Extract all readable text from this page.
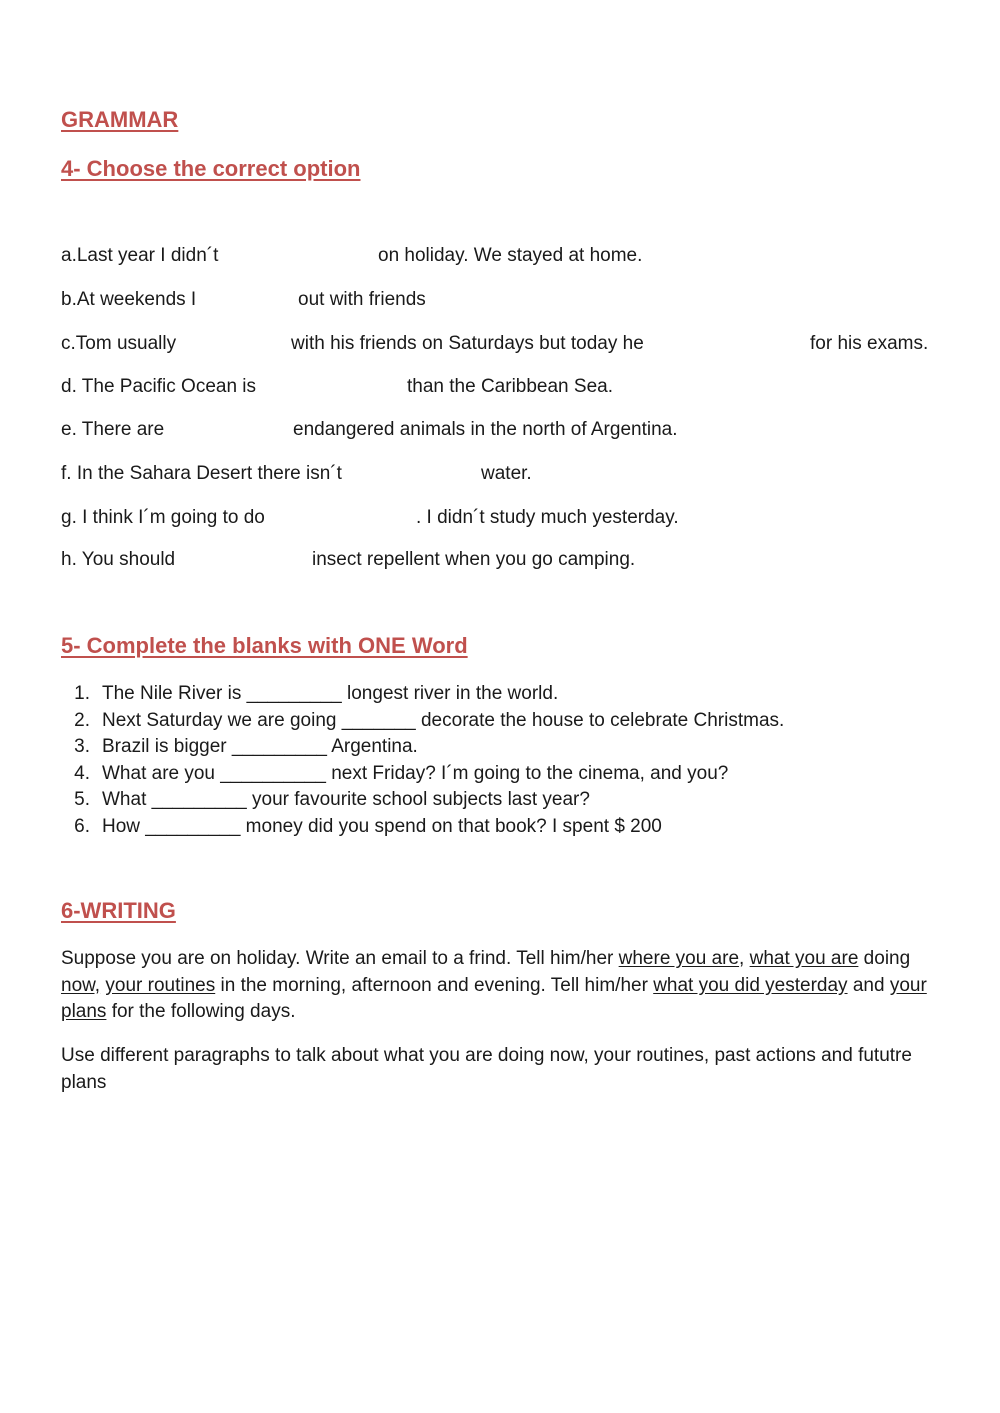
GRAMMAR
4- Choose the correct option

a.Last year I didn´t	on holiday. We stayed at home.

b.At weekends I	out with friends

c.Tom usually	with his friends on Saturdays but today he	for his exams.

d. The Pacific Ocean is	than the Caribbean Sea.

e. There are	endangered animals in the north of Argentina.

f. In the Sahara Desert there isn´t	water.

g. I think I´m going to do	. I didn´t study much yesterday.

h. You should	insect repellent when you go camping.

5- Complete the blanks with ONE Word
1. The Nile River is _________ longest river in the world.
2. Next Saturday we are going _______ decorate the house to celebrate Christmas.
3. Brazil is bigger _________ Argentina.
4. What are you __________ next Friday? I´m going to the cinema, and you?
5. What _________ your favourite school subjects last year?
6. How _________ money did you spend on that book? I spent $ 200
6-WRITING

Suppose you are on holiday. Write an email to a frind. Tell him/her where you are, what you are doing now, your routines in the morning, afternoon and evening. Tell him/her what you did yesterday and your plans for the following days.

Use different paragraphs to talk about what you are doing now, your routines, past actions and fututre plans
